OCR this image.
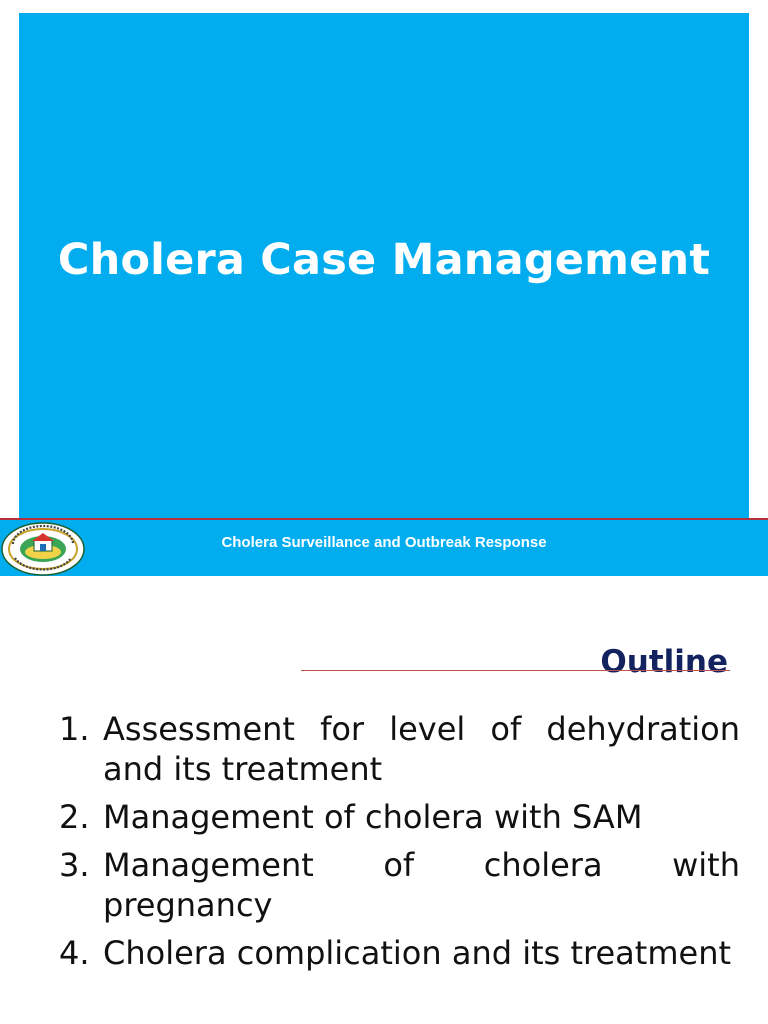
Cholera Case Management
Cholera Surveillance and Outbreak Response
Outline
1. Assessment for level of dehydration and its treatment
2. Management of cholera with SAM
3. Management of cholera with pregnancy
4. Cholera complication and its treatment
